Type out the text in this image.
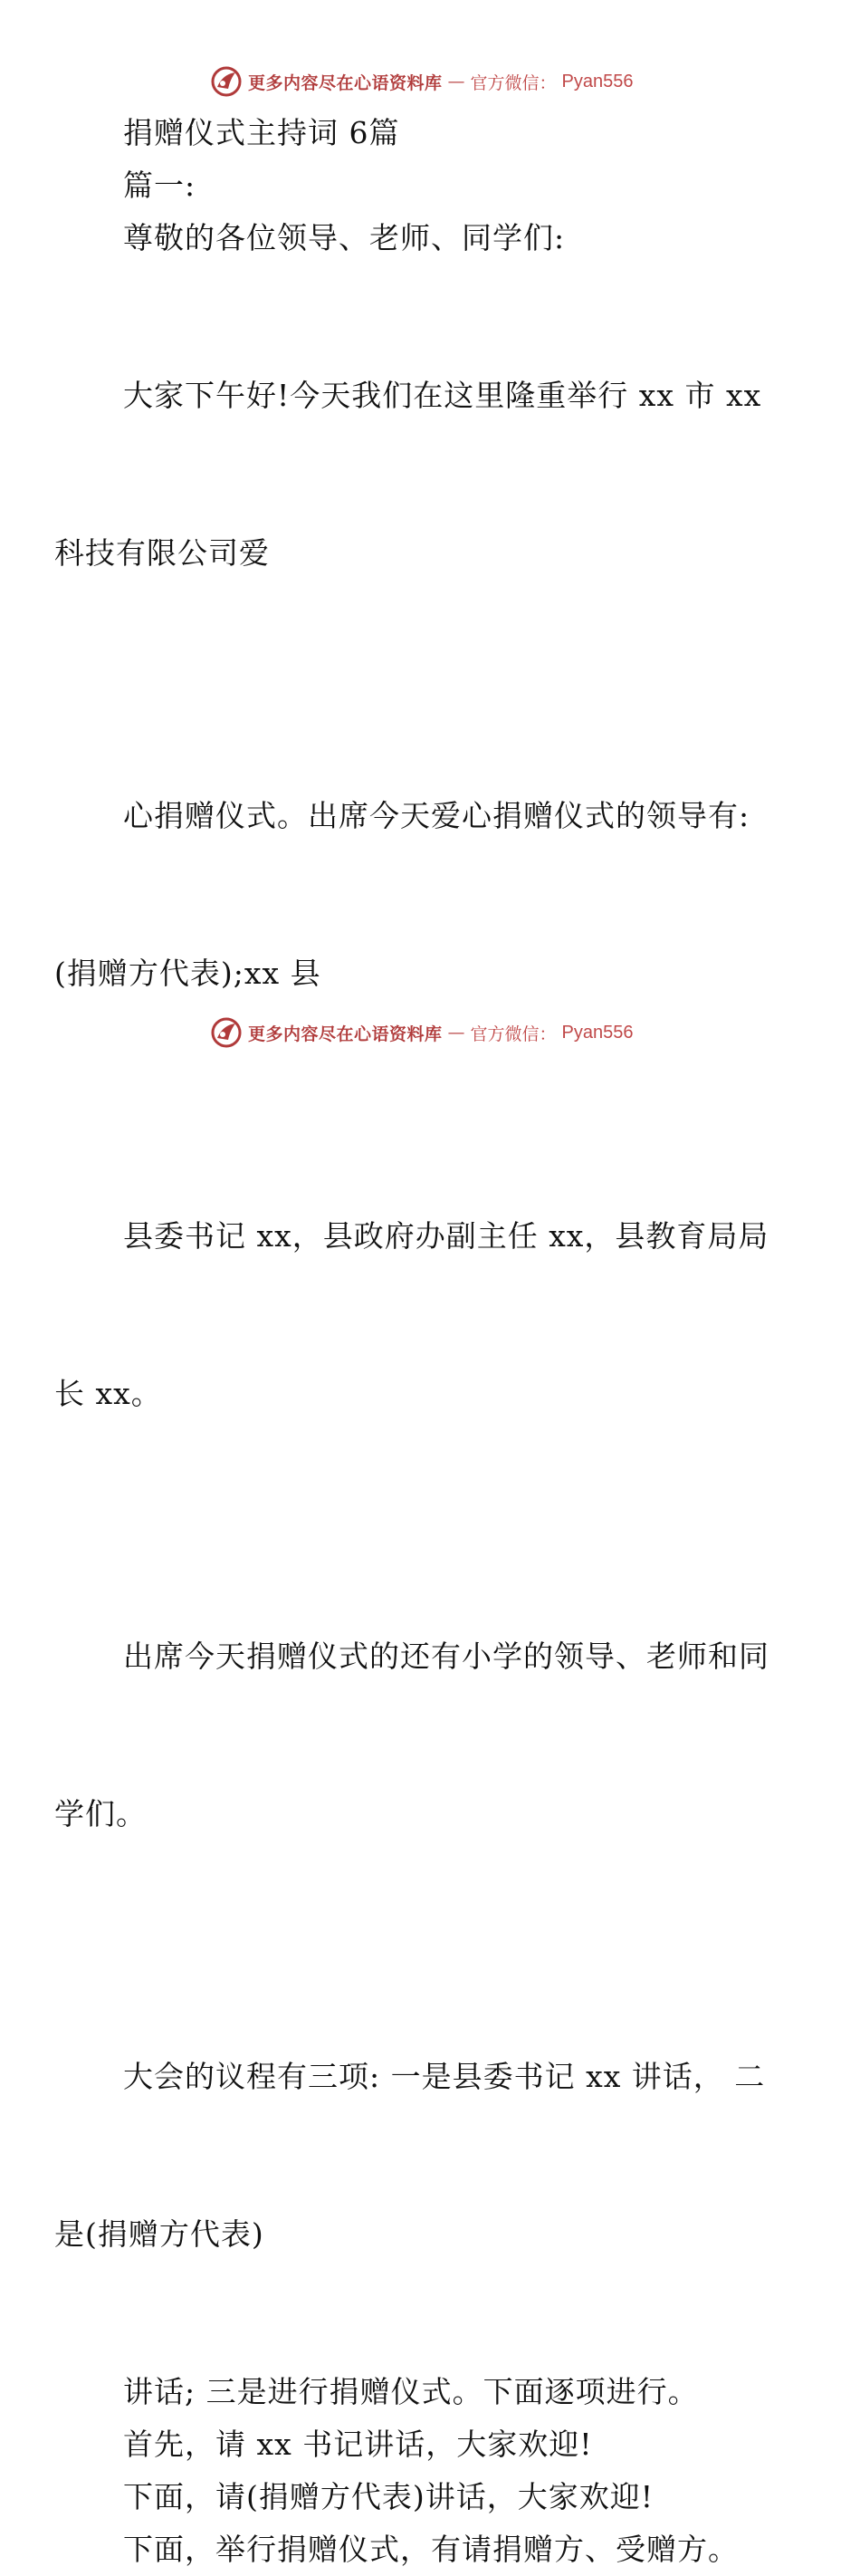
更多内容尽在心语资料库 — 官方微信： Pyan556

捐赠仪式主持词 6篇

篇一:

尊敬的各位领导、老师、同学们:

大家下午好!今天我们在这里隆重举行 xx 市 xx

科技有限公司爱

心捐赠仪式。出席今天爱心捐赠仪式的领导有:

(捐赠方代表);xx 县

县委书记 xx，县政府办副主任 xx，县教育局局

长 xx。

出席今天捐赠仪式的还有小学的领导、老师和同

学们。

大会的议程有三项: 一是县委书记 xx 讲话， 二

是(捐赠方代表)

讲话; 三是进行捐赠仪式。下面逐项进行。

首先，请 xx 书记讲话，大家欢迎!

下面，请(捐赠方代表)讲话，大家欢迎!

下面，举行捐赠仪式，有请捐赠方、受赠方。

更多内容尽在心语资料库 — 官方微信： Pyan556
